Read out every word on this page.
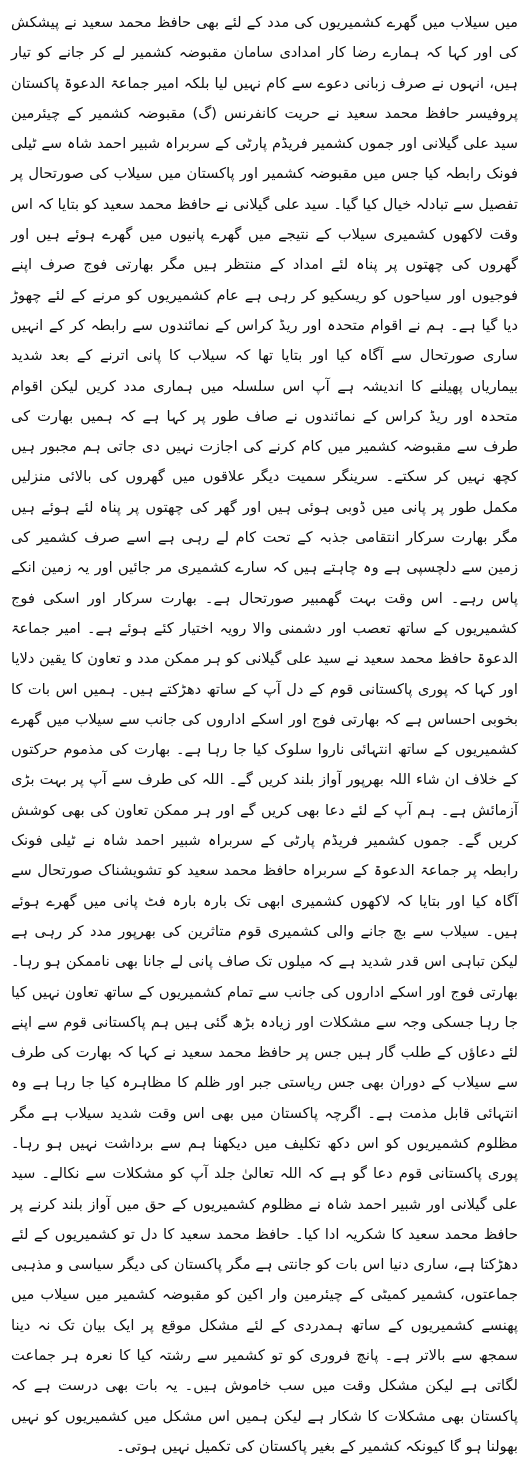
میں سیلاب میں گھرے کشمیریوں کی مدد کے لئے بھی حافظ محمد سعید نے پیشکش کی اور کہا کہ ہمارے رضا کار امدادی سامان مقبوضہ کشمیر لے کر جانے کو تیار ہیں، انہوں نے صرف زبانی دعوے سے کام نہیں لیا بلکہ امیر جماعۃ الدعوۃ پاکستان پروفیسر حافظ محمد سعید نے حریت کانفرنس (گ) مقبوضہ کشمیر کے چیئرمین سید علی گیلانی اور جموں کشمیر فریڈم پارٹی کے سربراہ شبیر احمد شاہ سے ٹیلی فونک رابطہ کیا جس میں مقبوضہ کشمیر اور پاکستان میں سیلاب کی صورتحال پر تفصیل سے تبادلہ خیال کیا گیا۔ سید علی گیلانی نے حافظ محمد سعید کو بتایا کہ اس وقت لاکھوں کشمیری سیلاب کے نتیجے میں گھرے پانیوں میں گھرے ہوئے ہیں اور گھروں کی چھتوں پر پناہ لئے امداد کے منتظر ہیں مگر بھارتی فوج صرف اپنے فوجیوں اور سیاحوں کو ریسکیو کر رہی ہے عام کشمیریوں کو مرنے کے لئے چھوڑ دیا گیا ہے۔ ہم نے اقوام متحدہ اور ریڈ کراس کے نمائندوں سے رابطہ کر کے انہیں ساری صورتحال سے آگاہ کیا اور بتایا تھا کہ سیلاب کا پانی اترنے کے بعد شدید بیماریاں پھیلنے کا اندیشہ ہے آپ اس سلسلہ میں ہماری مدد کریں لیکن اقوام متحدہ اور ریڈ کراس کے نمائندوں نے صاف طور پر کہا ہے کہ ہمیں بھارت کی طرف سے مقبوضہ کشمیر میں کام کرنے کی اجازت نہیں دی جاتی ہم مجبور ہیں کچھ نہیں کر سکتے۔ سرینگر سمیت دیگر علاقوں میں گھروں کی بالائی منزلیں مکمل طور پر پانی میں ڈوبی ہوئی ہیں اور گھر کی چھتوں پر پناہ لئے ہوئے ہیں مگر بھارت سرکار انتقامی جذبہ کے تحت کام لے رہی ہے اسے صرف کشمیر کی زمین سے دلچسپی ہے وہ چاہتے ہیں کہ سارے کشمیری مر جائیں اور یہ زمین انکے پاس رہے۔ اس وقت بہت گھمبیر صورتحال ہے۔ بھارت سرکار اور اسکی فوج کشمیریوں کے ساتھ تعصب اور دشمنی والا رویہ اختیار کئے ہوئے ہے۔ امیر جماعۃ الدعوۃ حافظ محمد سعید نے سید علی گیلانی کو ہر ممکن مدد و تعاون کا یقین دلایا اور کہا کہ پوری پاکستانی قوم کے دل آپ کے ساتھ دھڑکتے ہیں۔ ہمیں اس بات کا بخوبی احساس ہے کہ بھارتی فوج اور اسکے اداروں کی جانب سے سیلاب میں گھرے کشمیریوں کے ساتھ انتہائی ناروا سلوک کیا جا رہا ہے۔ بھارت کی مذموم حرکتوں کے خلاف ان شاء اللہ بھرپور آواز بلند کریں گے۔ اللہ کی طرف سے آپ پر بہت بڑی آزمائش ہے۔ ہم آپ کے لئے دعا بھی کریں گے اور ہر ممکن تعاون کی بھی کوشش کریں گے۔ جموں کشمیر فریڈم پارٹی کے سربراہ شبیر احمد شاہ نے ٹیلی فونک رابطہ پر جماعۃ الدعوۃ کے سربراہ حافظ محمد سعید کو تشویشناک صورتحال سے آگاہ کیا اور بتایا کہ لاکھوں کشمیری ابھی تک بارہ بارہ فٹ پانی میں گھرے ہوئے ہیں۔ سیلاب سے بچ جانے والی کشمیری قوم متاثرین کی بھرپور مدد کر رہی ہے لیکن تباہی اس قدر شدید ہے کہ میلوں تک صاف پانی لے جانا بھی ناممکن ہو رہا۔ بھارتی فوج اور اسکے اداروں کی جانب سے تمام کشمیریوں کے ساتھ تعاون نہیں کیا جا رہا جسکی وجہ سے مشکلات اور زیادہ بڑھ گئی ہیں ہم پاکستانی قوم سے اپنے لئے دعاؤں کے طلب گار ہیں جس پر حافظ محمد سعید نے کہا کہ بھارت کی طرف سے سیلاب کے دوران بھی جس ریاستی جبر اور ظلم کا مظاہرہ کیا جا رہا ہے وہ انتہائی قابل مذمت ہے۔ اگرچہ پاکستان میں بھی اس وقت شدید سیلاب ہے مگر مظلوم کشمیریوں کو اس دکھ تکلیف میں دیکھنا ہم سے برداشت نہیں ہو رہا۔ پوری پاکستانی قوم دعا گو ہے کہ اللہ تعالیٰ جلد آپ کو مشکلات سے نکالے۔ سید علی گیلانی اور شبیر احمد شاہ نے مظلوم کشمیریوں کے حق میں آواز بلند کرنے پر حافظ محمد سعید کا شکریہ ادا کیا۔ حافظ محمد سعید کا دل تو کشمیریوں کے لئے دھڑکتا ہے، ساری دنیا اس بات کو جانتی ہے مگر پاکستان کی دیگر سیاسی و مذہبی جماعتوں، کشمیر کمیٹی کے چیئرمین وار اکین کو مقبوضہ کشمیر میں سیلاب میں پھنسے کشمیریوں کے ساتھ ہمدردی کے لئے مشکل موقع پر ایک بیان تک نہ دینا سمجھ سے بالاتر ہے۔ پانچ فروری کو تو کشمیر سے رشتہ کیا کا نعرہ ہر جماعت لگاتی ہے لیکن مشکل وقت میں سب خاموش ہیں۔ یہ بات بھی درست ہے کہ پاکستان بھی مشکلات کا شکار ہے لیکن ہمیں اس مشکل میں کشمیریوں کو نہیں بھولنا ہو گا کیونکہ کشمیر کے بغیر پاکستان کی تکمیل نہیں ہوتی۔
